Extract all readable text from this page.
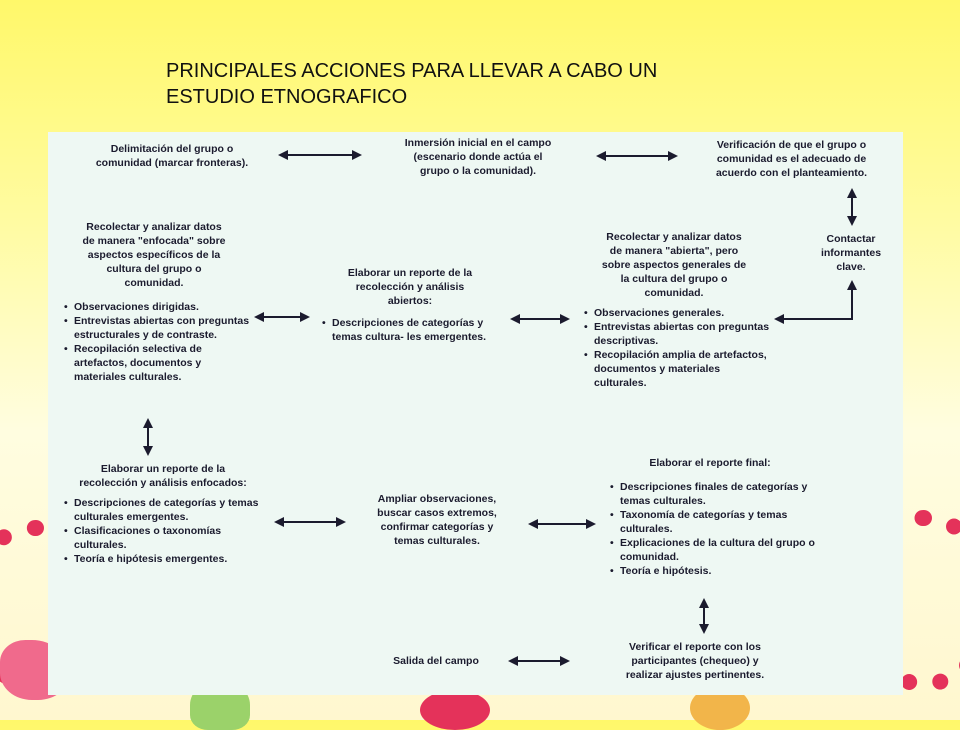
PRINCIPALES ACCIONES PARA LLEVAR A CABO UN
ESTUDIO ETNOGRAFICO
Delimitación del grupo o
comunidad (marcar fronteras).
Inmersión inicial en el campo
(escenario donde actúa el
grupo o la comunidad).
Verificación de que el grupo o
comunidad es el adecuado de
acuerdo con el planteamiento.
Contactar
informantes
clave.
Recolectar y analizar datos
de manera "enfocada" sobre
aspectos específicos de la
cultura del grupo o
comunidad.
• Observaciones dirigidas.
• Entrevistas abiertas con preguntas estructurales y de contraste.
• Recopilación selectiva de artefactos, documentos y materiales culturales.
Elaborar un reporte de la
recolección y análisis
abiertos:
• Descripciones de categorías y temas cultura- les emergentes.
Recolectar y analizar datos
de manera "abierta", pero
sobre aspectos generales de
la cultura del grupo o
comunidad.
• Observaciones generales.
• Entrevistas abiertas con preguntas descriptivas.
• Recopilación amplia de artefactos, documentos y materiales culturales.
Elaborar un reporte de la
recolección y análisis enfocados:
• Descripciones de categorías y temas culturales emergentes.
• Clasificaciones o taxonomías culturales.
• Teoría e hipótesis emergentes.
Ampliar observaciones,
buscar casos extremos,
confirmar categorías y
temas culturales.
Elaborar el reporte final:
• Descripciones finales de categorías y temas culturales.
• Taxonomía de categorías y temas culturales.
• Explicaciones de la cultura del grupo o comunidad.
• Teoría e hipótesis.
Salida del campo
Verificar el reporte con los
participantes (chequeo) y
realizar ajustes pertinentes.
